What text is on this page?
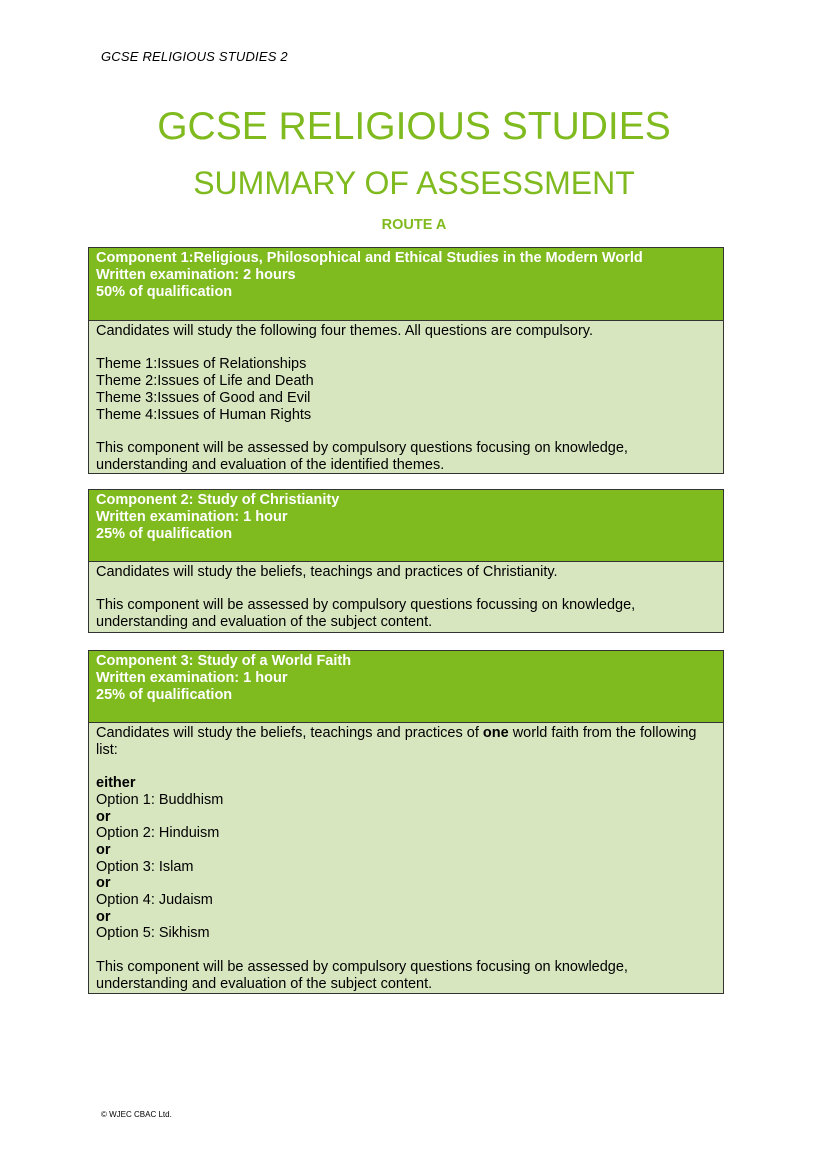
GCSE RELIGIOUS STUDIES 2
GCSE RELIGIOUS STUDIES
SUMMARY OF ASSESSMENT
ROUTE A
Component 1:Religious, Philosophical and Ethical Studies in the Modern World
Written examination: 2 hours
50% of qualification

Candidates will study the following four themes. All questions are compulsory.

Theme 1:Issues of Relationships

Theme 2:Issues of Life and Death

Theme 3:Issues of Good and Evil

Theme 4:Issues of Human Rights

This component will be assessed by compulsory questions focusing on knowledge, understanding and evaluation of the identified themes.

Component 2: Study of Christianity
Written examination: 1 hour
25% of qualification

Candidates will study the beliefs, teachings and practices of Christianity.

This component will be assessed by compulsory questions focussing on knowledge, understanding and evaluation of the subject content.

Component 3: Study of a World Faith
Written examination: 1 hour
25% of qualification

Candidates will study the beliefs, teachings and practices of one world faith from the following list:

either

Option 1: Buddhism

or

Option 2: Hinduism

or

Option 3: Islam

or

Option 4: Judaism

or

Option 5: Sikhism

This component will be assessed by compulsory questions focusing on knowledge, understanding and evaluation of the subject content.

© WJEC CBAC Ltd.
